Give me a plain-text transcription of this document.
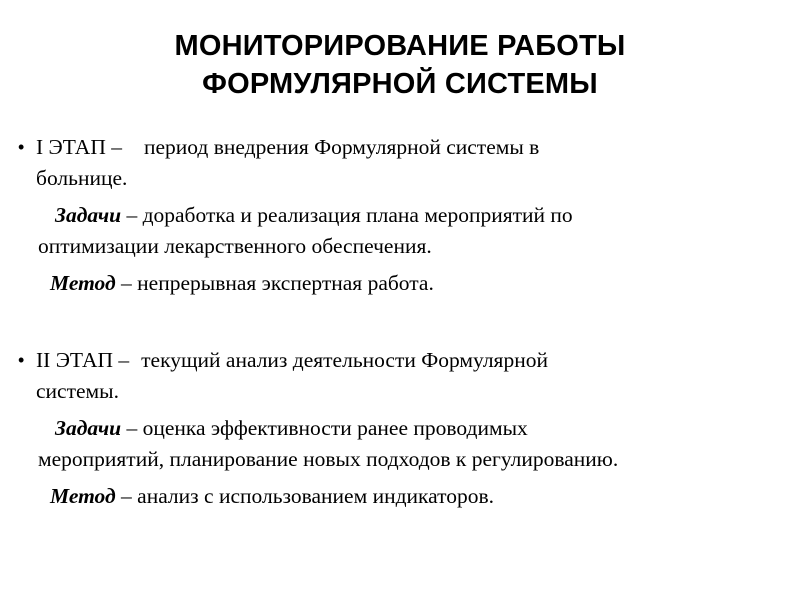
МОНИТОРИРОВАНИЕ РАБОТЫ
ФОРМУЛЯРНОЙ СИСТЕМЫ
• I ЭТАП – период внедрения Формулярной системы в
больнице.
Задачи – доработка и реализация плана мероприятий по
оптимизации лекарственного обеспечения.
Метод – непрерывная экспертная работа.
• II ЭТАП – текущий анализ деятельности Формулярной
системы.
Задачи – оценка эффективности ранее проводимых
мероприятий, планирование новых подходов к регулированию.
Метод – анализ с использованием индикаторов.
